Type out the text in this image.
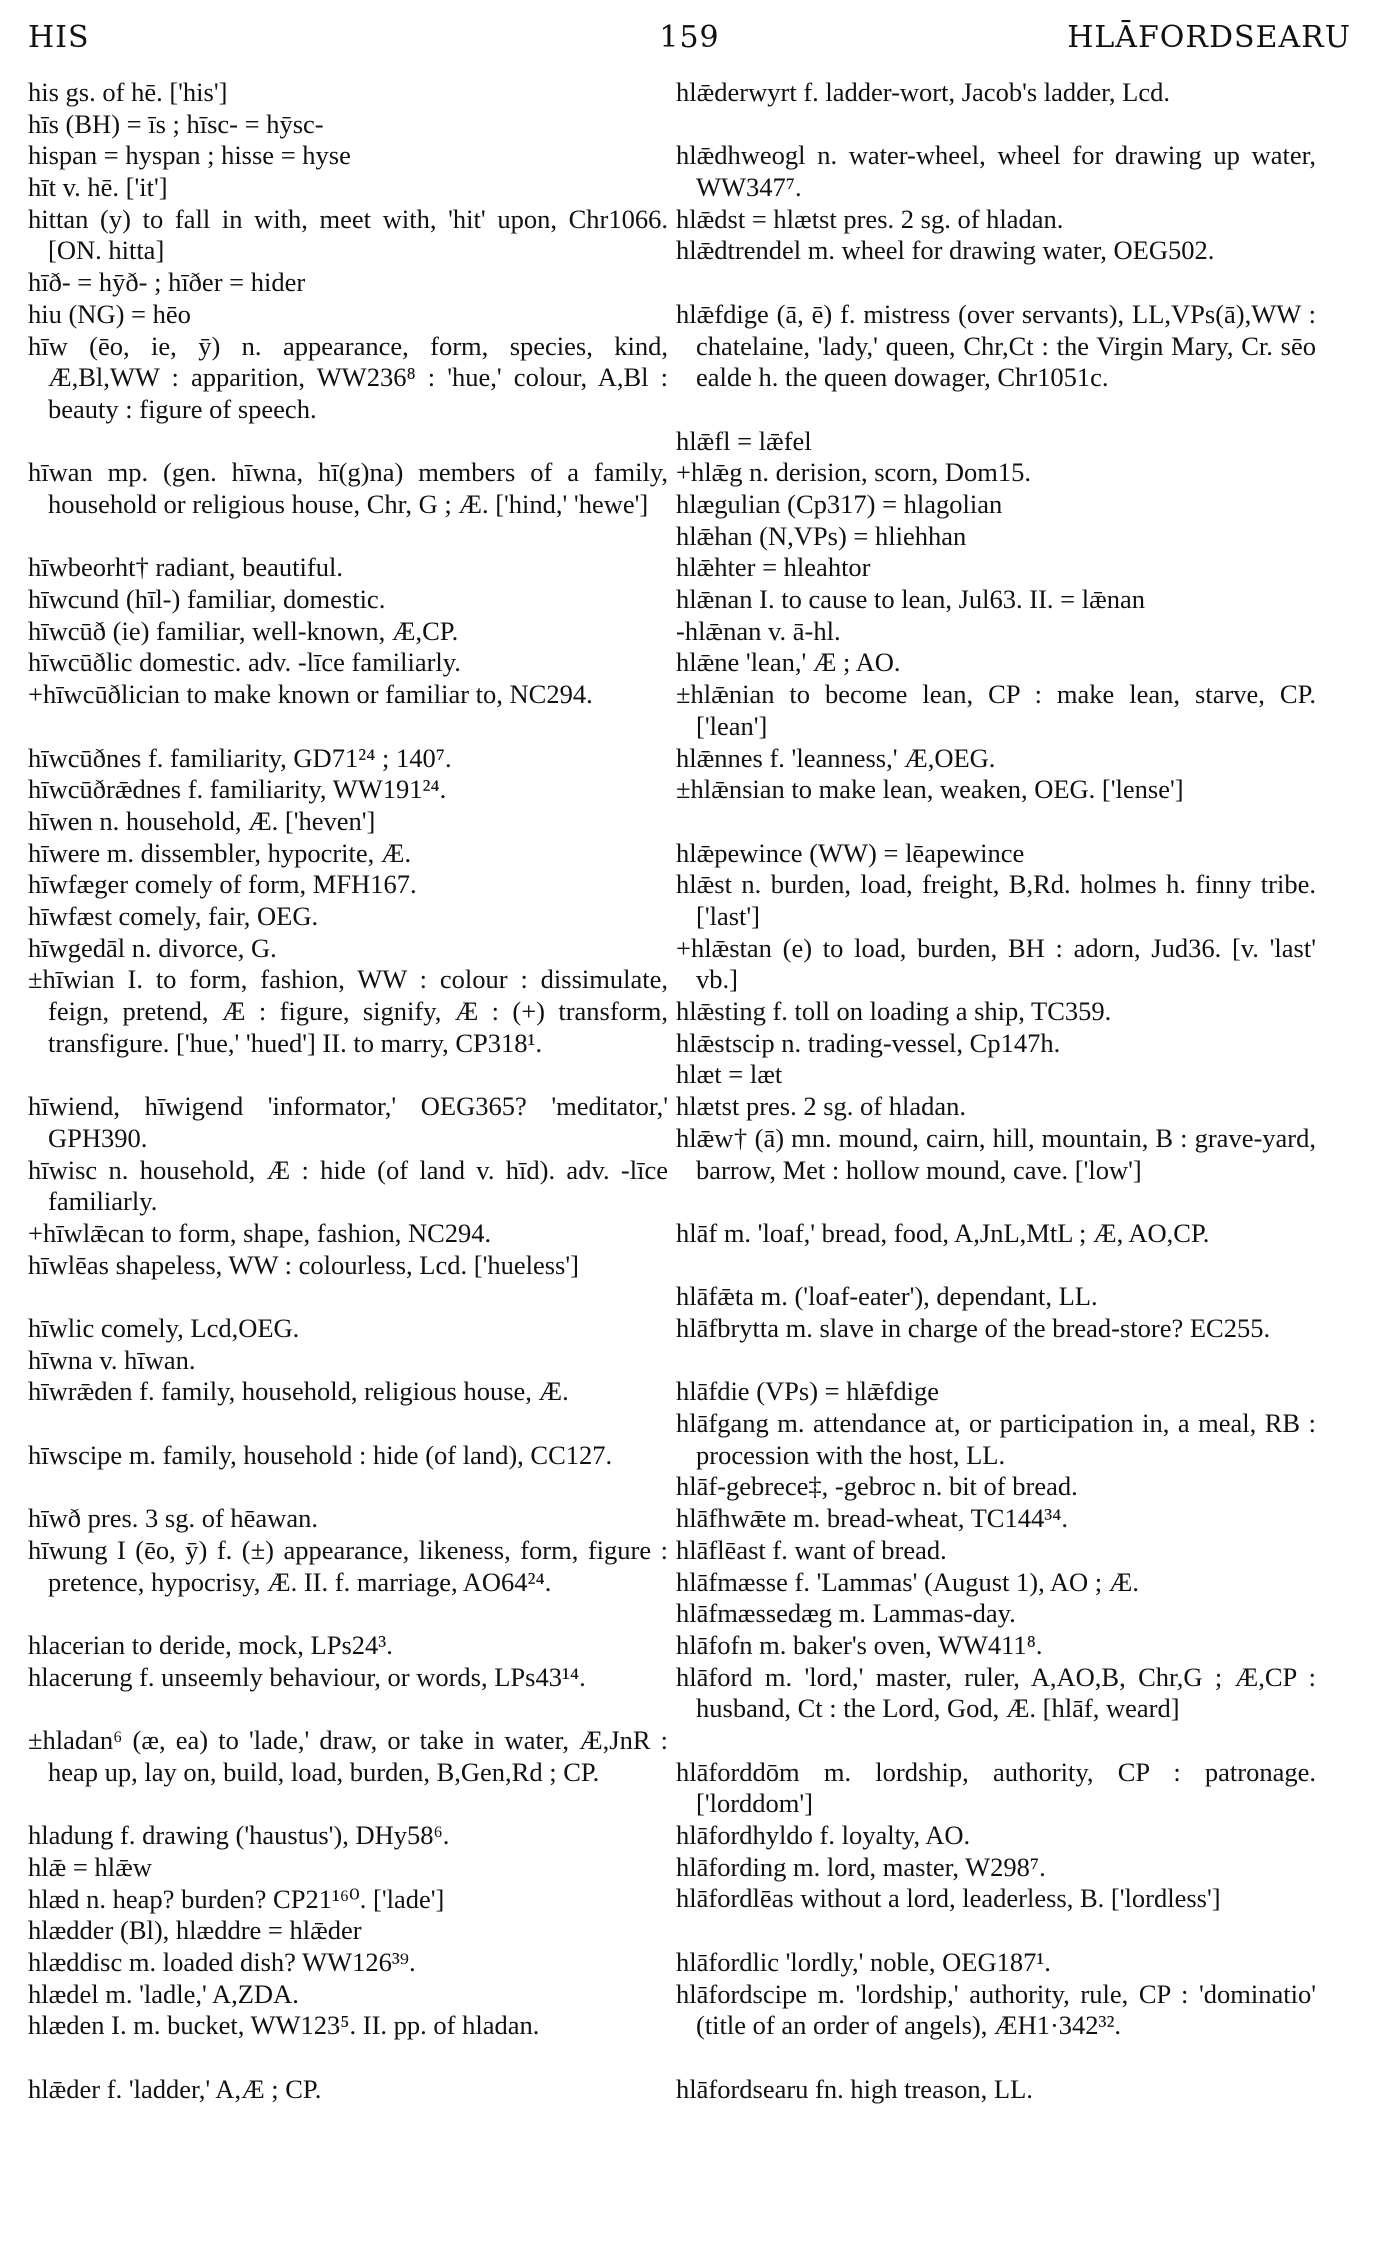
HIS	159	HLĀFORDSEARU

his gs. of hē. ['his']

hīs (BH) = īs ; hīsc- = hȳsc-

hispan = hyspan ; hisse = hyse

hīt v. hē. ['it']

hittan (y) to fall in with, meet with, 'hit' upon, Chr1066. [ON. hitta]

hīð- = hȳð- ; hīðer = hider

hiu (NG) = hēo

hīw (ēo, ie, ȳ) n. appearance, form, species, kind, Æ,Bl,WW : apparition, WW236⁸ : 'hue,' colour, A,Bl : beauty : figure of speech.

hīwan mp. (gen. hīwna, hī(g)na) members of a family, household or religious house, Chr, G ; Æ. ['hind,' 'hewe']

hīwbeorht† radiant, beautiful.

hīwcund (hīl-) familiar, domestic.

hīwcūð (ie) familiar, well-known, Æ,CP.

hīwcūðlic domestic. adv. -līce familiarly.

+hīwcūðlician to make known or familiar to, NC294.

hīwcūðnes f. familiarity, GD71²⁴ ; 140⁷.

hīwcūðrǣdnes f. familiarity, WW191²⁴.

hīwen n. household, Æ. ['heven']

hīwere m. dissembler, hypocrite, Æ.

hīwfæger comely of form, MFH167.

hīwfæst comely, fair, OEG.

hīwgedāl n. divorce, G.

±hīwian I. to form, fashion, WW : colour : dissimulate, feign, pretend, Æ : figure, signify, Æ : (+) transform, transfigure. ['hue,' 'hued'] II. to marry, CP318¹.

hīwiend, hīwigend 'informator,' OEG365? 'meditator,' GPH390.

hīwisc n. household, Æ : hide (of land v. hīd). adv. -līce familiarly.

+hīwlǣcan to form, shape, fashion, NC294.

hīwlēas shapeless, WW : colourless, Lcd. ['hueless']

hīwlic comely, Lcd,OEG.

hīwna v. hīwan.

hīwrǣden f. family, household, religious house, Æ.

hīwscipe m. family, household : hide (of land), CC127.

hīwð pres. 3 sg. of hēawan.

hīwung I (ēo, ȳ) f. (±) appearance, likeness, form, figure : pretence, hypocrisy, Æ. II. f. marriage, AO64²⁴.

hlacerian to deride, mock, LPs24³.

hlacerung f. unseemly behaviour, or words, LPs43¹⁴.

±hladan⁶ (æ, ea) to 'lade,' draw, or take in water, Æ,JnR : heap up, lay on, build, load, burden, B,Gen,Rd ; CP.

hladung f. drawing ('haustus'), DHy58⁶.

hlǣ = hlǣw

hlæd n. heap? burden? CP21¹⁶⁰. ['lade']

hlædder (Bl), hlæddre = hlǣder

hlæddisc m. loaded dish? WW126³⁹.

hlædel m. 'ladle,' A,ZDA.

hlæden I. m. bucket, WW123⁵. II. pp. of hladan.

hlǣder f. 'ladder,' A,Æ ; CP.

hlǣderwyrt f. ladder-wort, Jacob's ladder, Lcd.

hlǣdhweogl n. water-wheel, wheel for drawing up water, WW347⁷.

hlǣdst = hlætst pres. 2 sg. of hladan.

hlǣdtrendel m. wheel for drawing water, OEG502.

hlǣfdige (ā, ē) f. mistress (over servants), LL,VPs(ā),WW : chatelaine, 'lady,' queen, Chr,Ct : the Virgin Mary, Cr. sēo ealde h. the queen dowager, Chr1051c.

hlǣfl = lǣfel

+hlǣg n. derision, scorn, Dom15.

hlægulian (Cp317) = hlagolian

hlǣhan (N,VPs) = hliehhan

hlǣhter = hleahtor

hlǣnan I. to cause to lean, Jul63. II. = lǣnan

-hlǣnan v. ā-hl.

hlǣne 'lean,' Æ ; AO.

±hlǣnian to become lean, CP : make lean, starve, CP. ['lean']

hlǣnnes f. 'leanness,' Æ,OEG.

±hlǣnsian to make lean, weaken, OEG. ['lense']

hlǣpewince (WW) = lēapewince

hlǣst n. burden, load, freight, B,Rd. holmes h. finny tribe. ['last']

+hlǣstan (e) to load, burden, BH : adorn, Jud36. [v. 'last' vb.]

hlǣsting f. toll on loading a ship, TC359.

hlǣstscip n. trading-vessel, Cp147h.

hlæt = læt

hlætst pres. 2 sg. of hladan.

hlǣw† (ā) mn. mound, cairn, hill, mountain, B : grave-yard, barrow, Met : hollow mound, cave. ['low']

hlāf m. 'loaf,' bread, food, A,JnL,MtL ; Æ, AO,CP.

hlāfǣta m. ('loaf-eater'), dependant, LL.

hlāfbrytta m. slave in charge of the bread-store? EC255.

hlāfdie (VPs) = hlǣfdige

hlāfgang m. attendance at, or participation in, a meal, RB : procession with the host, LL.

hlāf-gebrece‡, -gebroc n. bit of bread.

hlāfhwǣte m. bread-wheat, TC144³⁴.

hlāflēast f. want of bread.

hlāfmæsse f. 'Lammas' (August 1), AO ; Æ.

hlāfmæssedæg m. Lammas-day.

hlāfofn m. baker's oven, WW411⁸.

hlāford m. 'lord,' master, ruler, A,AO,B, Chr,G ; Æ,CP : husband, Ct : the Lord, God, Æ. [hlāf, weard]

hlāforddōm m. lordship, authority, CP : patronage. ['lorddom']

hlāfordhyldo f. loyalty, AO.

hlāfording m. lord, master, W298⁷.

hlāfordlēas without a lord, leaderless, B. ['lordless']

hlāfordlic 'lordly,' noble, OEG187¹.

hlāfordscipe m. 'lordship,' authority, rule, CP : 'dominatio' (title of an order of angels), ÆH1·342³².

hlāfordsearu fn. high treason, LL.
